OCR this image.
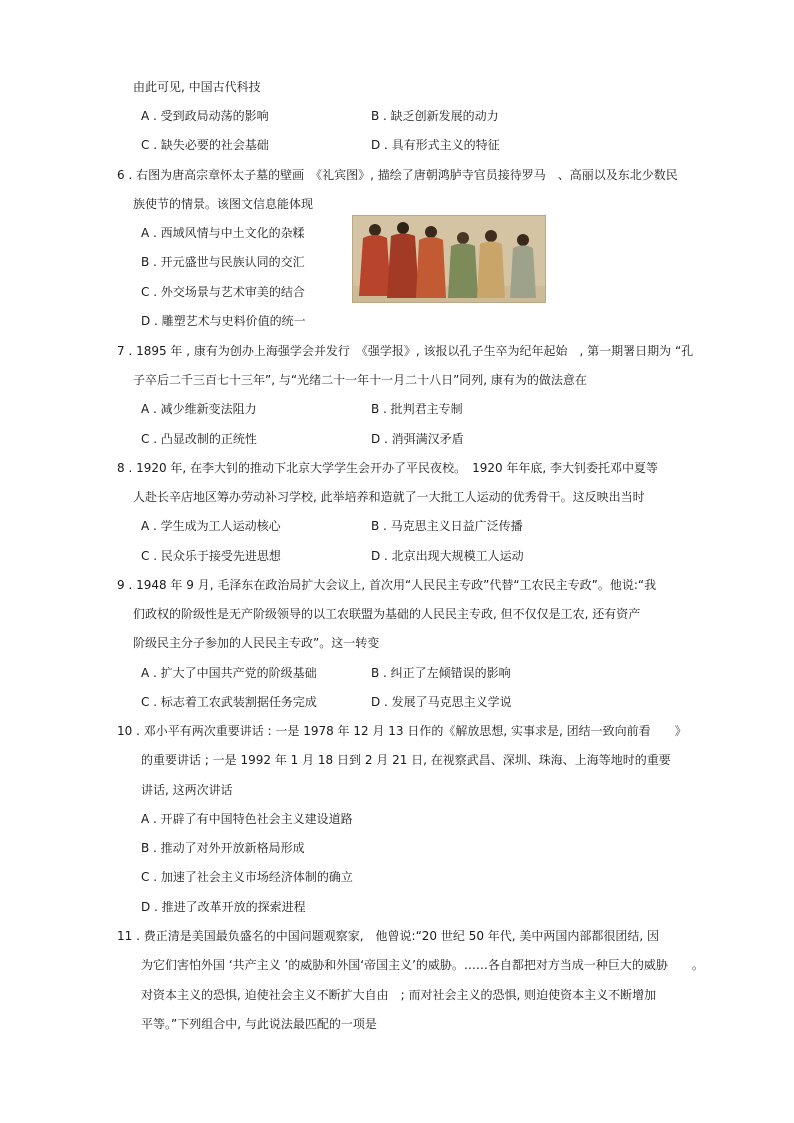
由此可见, 中国古代科技
A . 受到政局动荡的影响	B . 缺乏创新发展的动力
C . 缺失必要的社会基础	D . 具有形式主义的特征
6 . 右图为唐高宗章怀太子墓的壁画　《礼宾图》, 描绘了唐朝鸿胪寺官员接待罗马　、高丽以及东北少数民
族使节的情景。该图文信息能体现
A . 西域风情与中土文化的杂糅
B . 开元盛世与民族认同的交汇
C . 外交场景与艺术审美的结合
D . 雕塑艺术与史料价值的统一
7 . 1895 年 , 康有为创办上海强学会并发行　《强学报》, 该报以孔子生卒为纪年起始　, 第一期署日期为 “孔
子卒后二千三百七十三年”, 与“光绪二十一年十一月二十八日”同列, 康有为的做法意在
A . 减少维新变法阻力	B . 批判君主专制
C . 凸显改制的正统性	D . 消弭满汉矛盾
8 . 1920 年, 在李大钊的推动下北京大学学生会开办了平民夜校。　1920 年年底, 李大钊委托邓中夏等
人赴长辛店地区筹办劳动补习学校, 此举培养和造就了一大批工人运动的优秀骨干。这反映出当时
A . 学生成为工人运动核心	B . 马克思主义日益广泛传播
C . 民众乐于接受先进思想	D . 北京出现大规模工人运动
9 . 1948 年 9 月, 毛泽东在政治局扩大会议上, 首次用“人民民主专政”代替“工农民主专政”。他说:“我
们政权的阶级性是无产阶级领导的以工农联盟为基础的人民民主专政, 但不仅仅是工农, 还有资产
阶级民主分子参加的人民民主专政”。这一转变
A . 扩大了中国共产党的阶级基础	B . 纠正了左倾错误的影响
C . 标志着工农武装割据任务完成	D . 发展了马克思主义学说
10 . 邓小平有两次重要讲话 : 一是 1978 年 12 月 13 日作的《解放思想, 实事求是, 团结一致向前看　　》
的重要讲话 ; 一是 1992 年 1 月 18 日到 2 月 21 日, 在视察武昌、深圳、珠海、上海等地时的重要
讲话, 这两次讲话
A . 开辟了有中国特色社会主义建设道路
B . 推动了对外开放新格局形成
C . 加速了社会主义市场经济体制的确立
D . 推进了改革开放的探索进程
11 . 费正清是美国最负盛名的中国问题观察家,　他曾说:“20 世纪 50 年代, 美中两国内部都很团结, 因
为它们害怕外国 ‘共产主义 ’的威胁和外国‘帝国主义’的威胁。……各自都把对方当成一种巨大的威胁　　。
对资本主义的恐惧, 迫使社会主义不断扩大自由　; 而对社会主义的恐惧, 则迫使资本主义不断增加
平等。”下列组合中, 与此说法最匹配的一项是
